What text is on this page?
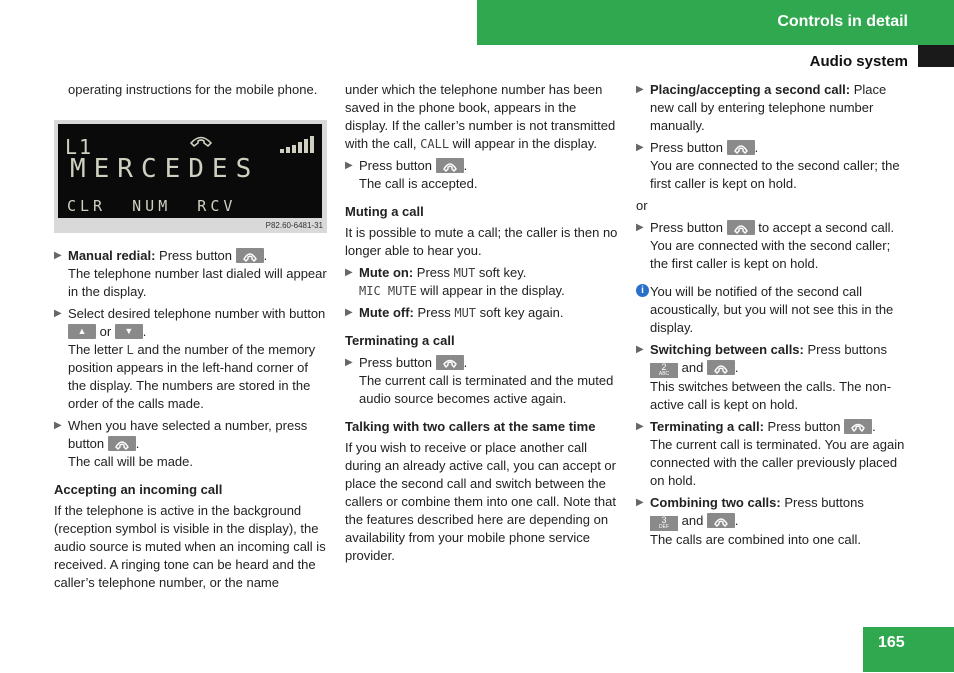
Controls in detail
Audio system
165

operating instructions for the mobile phone.

L1
MERCEDES
CLR  NUM  RCV
P82.60-6481-31
▶ Manual redial: Press button
.
The telephone number last dialed will appear in the display.
▶ Select desired telephone number with button
▲ or	▼ .
The letter L and the number of the memory position appears in the left-hand corner of the display. The numbers are stored in the order of the calls made.
▶ When you have selected a number, press button
.
The call will be made.

Accepting an incoming call

If the telephone is active in the background (reception symbol is visible in the display), the audio source is muted when an incoming call is received. A ringing tone can be heard and the caller’s telephone number, or the name

under which the telephone number has been saved in the phone book, appears in the display. If the caller’s number is not transmitted with the call, CALL will appear in the display.

▶ Press button
.
The call is accepted.

Muting a call

It is possible to mute a call; the caller is then no longer able to hear you.

▶ Mute on: Press MUT soft key.
MIC MUTE will appear in the display.
▶ Mute off: Press MUT soft key again.

Terminating a call

▶ Press button
.
The current call is terminated and the muted audio source becomes active again.

Talking with two callers at the same time

If you wish to receive or place another call during an already active call, you can accept or place the second call and switch between the callers or combine them into one call. Note that the features described here are depending on availability from your mobile phone service provider.

▶ Placing/accepting a second call: Place new call by entering telephone number manually.
▶ Press button
.
You are connected to the second caller; the first caller is kept on hold.

or

▶ Press button
to accept a second call. You are connected with the second caller; the first caller is kept on hold.
i You will be notified of the second call acoustically, but you will not see this in the display.
▶ Switching between calls: Press buttons
2
ABC and
.
This switches between the calls. The non-active call is kept on hold.
▶ Terminating a call: Press button
.
The current call is terminated. You are again connected with the caller previously placed on hold.
▶ Combining two calls: Press buttons
3
DEF and
.
The calls are combined into one call.
